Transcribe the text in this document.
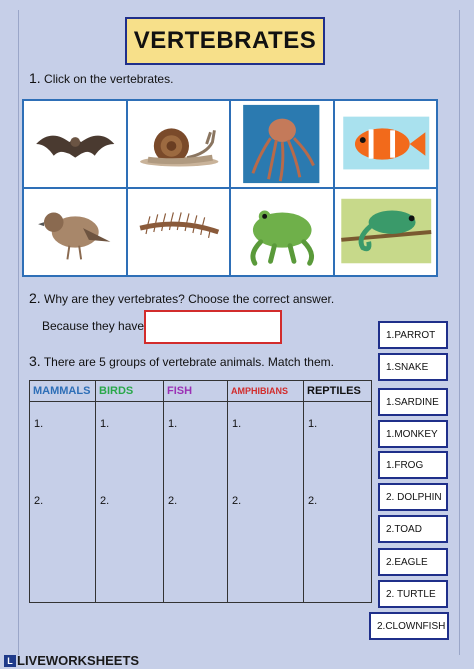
VERTEBRATES
1. Click on the vertebrates.
2. Why are they vertebrates? Choose the correct answer.
Because they have
3. There are 5 groups of vertebrate animals. Match them.
MAMMALS
1.
2.
BIRDS
1.
2.
FISH
1.
2.
AMPHIBIANS
1.
2.
REPTILES
1.
2.
1.PARROT
1.SNAKE
1.SARDINE
1.MONKEY
1.FROG
2. DOLPHIN
2.TOAD
2.EAGLE
2. TURTLE
2.CLOWNFISH
L LIVEWORKSHEETS
